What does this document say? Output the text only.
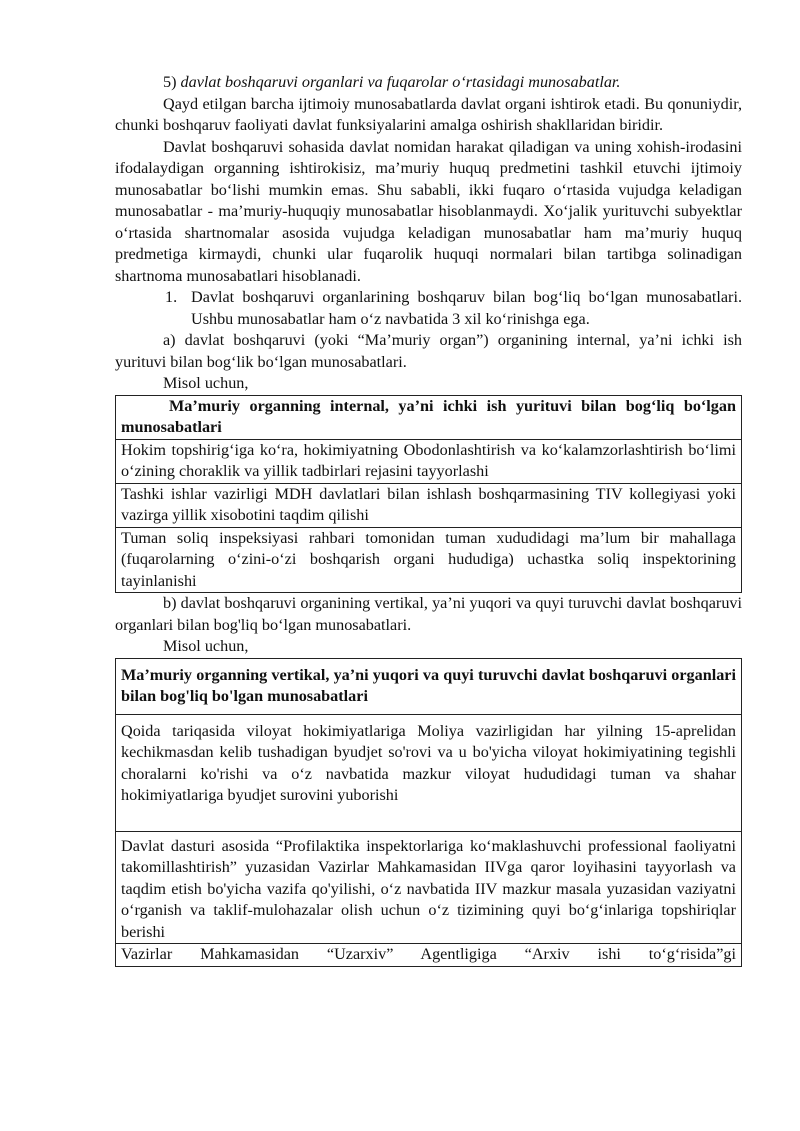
5) davlat boshqaruvi organlari va fuqarolar oʻrtasidagi munosabatlar.

Qayd etilgan barcha ijtimoiy munosabatlarda davlat organi ishtirok etadi. Bu qonuniydir, chunki boshqaruv faoliyati davlat funksiyalarini amalga oshirish shakllaridan biridir.

Davlat boshqaruvi sohasida davlat nomidan harakat qiladigan va uning xohish-irodasini ifodalaydigan organning ishtirokisiz, maʼmuriy huquq predmetini tashkil etuvchi ijtimoiy munosabatlar boʻlishi mumkin emas. Shu sababli, ikki fuqaro oʻrtasida vujudga keladigan munosabatlar - maʼmuriy-huquqiy munosabatlar hisoblanmaydi. Xoʻjalik yurituvchi subyektlar oʻrtasida shartnomalar asosida vujudga keladigan munosabatlar ham maʼmuriy huquq predmetiga kirmaydi, chunki ular fuqarolik huquqi normalari bilan tartibga solinadigan shartnoma munosabatlari hisoblanadi.

1. Davlat boshqaruvi organlarining boshqaruv bilan bogʻliq boʻlgan munosabatlari. Ushbu munosabatlar ham oʻz navbatida 3 xil koʻrinishga ega.

a) davlat boshqaruvi (yoki “Maʼmuriy organ”) organining internal, yaʼni ichki ish yurituvi bilan bogʻlik boʻlgan munosabatlari.

Misol uchun,

Maʼmuriy organning internal, yaʼni ichki ish yurituvi bilan bogʻliq boʻlgan munosabatlari
Hokim topshirigʻiga koʻra, hokimiyatning Obodonlashtirish va koʻkalamzorlashtirish boʻlimi oʻzining choraklik va yillik tadbirlari rejasini tayyorlashi
Tashki ishlar vazirligi MDH davlatlari bilan ishlash boshqarmasining TIV kollegiyasi yoki vazirga yillik xisobotini taqdim qilishi
Tuman soliq inspeksiyasi rahbari tomonidan tuman xududidagi maʼlum bir mahallaga (fuqarolarning oʻzini-oʻzi boshqarish organi hududiga) uchastka soliq inspektorining tayinlanishi

b) davlat boshqaruvi organining vertikal, yaʼni yuqori va quyi turuvchi davlat boshqaruvi organlari bilan bog'liq boʻlgan munosabatlari.

Misol uchun,

Maʼmuriy organning vertikal, yaʼni yuqori va quyi turuvchi davlat boshqaruvi organlari bilan bog'liq bo'lgan munosabatlari
Qoida tariqasida viloyat hokimiyatlariga Moliya vazirligidan har yilning 15-aprelidan kechikmasdan kelib tushadigan byudjet so'rovi va u bo'yicha viloyat hokimiyatining tegishli choralarni ko'rishi va oʻz navbatida mazkur viloyat hududidagi tuman va shahar hokimiyatlariga byudjet surovini yuborishi
Davlat dasturi asosida “Profilaktika inspektorlariga koʻmaklashuvchi professional faoliyatni takomillashtirish” yuzasidan Vazirlar Mahkamasidan IIVga qaror loyihasini tayyorlash va taqdim etish bo'yicha vazifa qo'yilishi, oʻz navbatida IIV mazkur masala yuzasidan vaziyatni oʻrganish va taklif-mulohazalar olish uchun oʻz tizimining quyi boʻgʻinlariga topshiriqlar berishi
Vazirlar Mahkamasidan “Uzarxiv” Agentligiga “Arxiv ishi toʻgʻrisida”gi
